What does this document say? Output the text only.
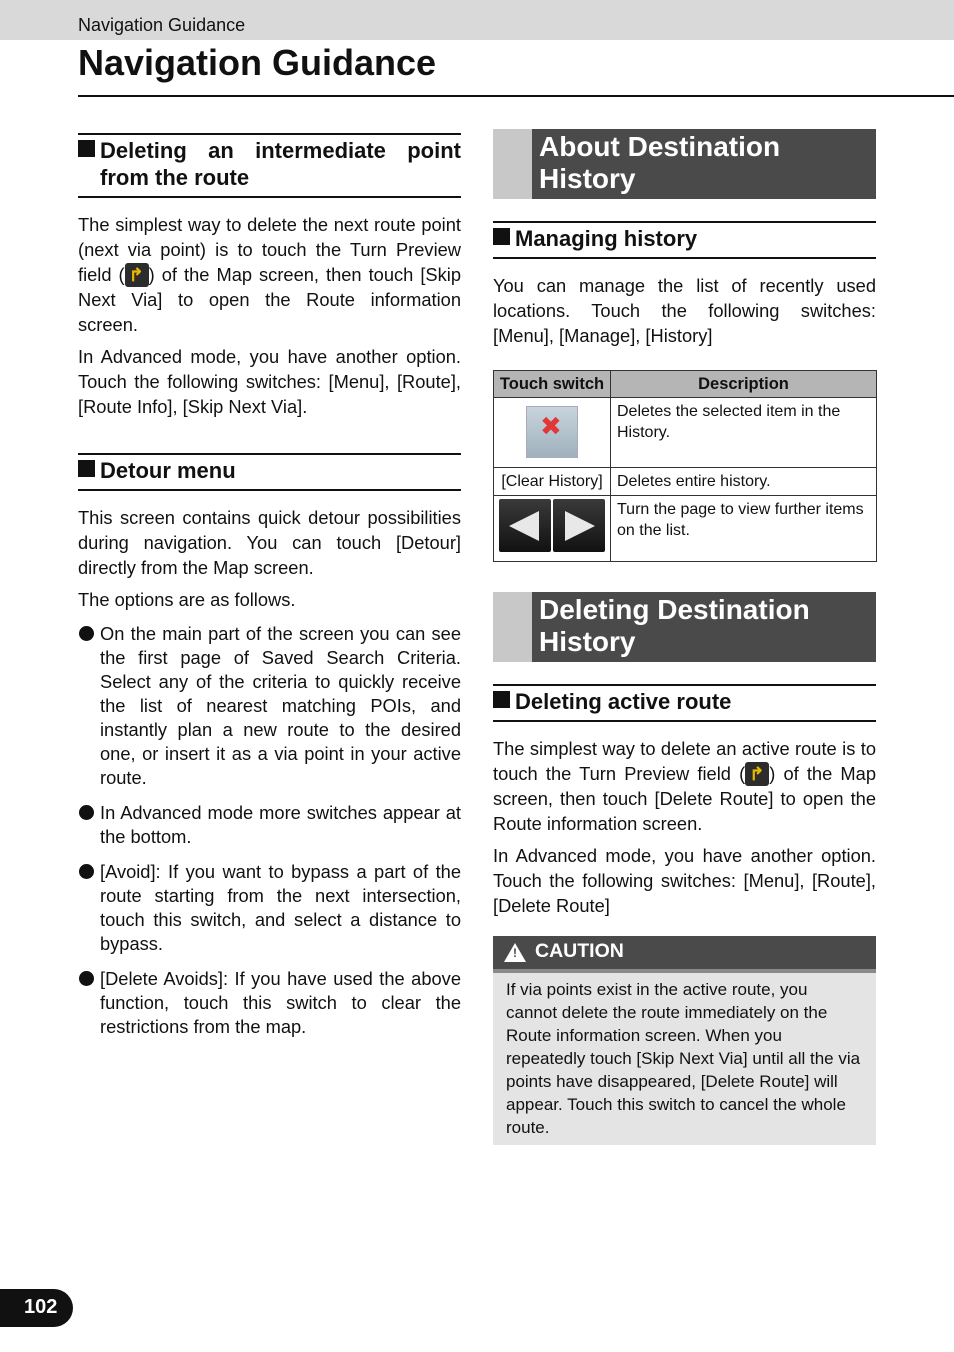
Navigation Guidance
Navigation Guidance
Deleting an intermediate point from the route

The simplest way to delete the next route point (next via point) is to touch the Turn Preview field ( ↱ ) of the Map screen, then touch [Skip Next Via] to open the Route information screen.

In Advanced mode, you have another option. Touch the following switches: [Menu], [Route], [Route Info], [Skip Next Via].

Detour menu

This screen contains quick detour possibilities during navigation. You can touch [Detour] directly from the Map screen.

The options are as follows.

On the main part of the screen you can see the first page of Saved Search Criteria. Select any of the criteria to quickly receive the list of nearest matching POIs, and instantly plan a new route to the desired one, or insert it as a via point in your active route.
In Advanced mode more switches appear at the bottom.
[Avoid]: If you want to bypass a part of the route starting from the next intersection, touch this switch, and select a distance to bypass.
[Delete Avoids]: If you have used the above function, touch this switch to clear the restrictions from the map.
About Destination History
Managing history

You can manage the list of recently used locations. Touch the following switches: [Menu], [Manage], [History]

Touch switch	Description
✖	Deletes the selected item in the History.
[Clear History]	Deletes entire history.

	Turn the page to view further items on the list.
Deleting Destination History
Deleting active route

The simplest way to delete an active route is to touch the Turn Preview field ( ↱ ) of the Map screen, then touch [Delete Route] to open the Route information screen.

In Advanced mode, you have another option. Touch the following switches: [Menu], [Route], [Delete Route]

!
CAUTION
If via points exist in the active route, you cannot delete the route immediately on the Route information screen. When you repeatedly touch [Skip Next Via] until all the via points have disappeared, [Delete Route] will appear. Touch this switch to cancel the whole route.
102
